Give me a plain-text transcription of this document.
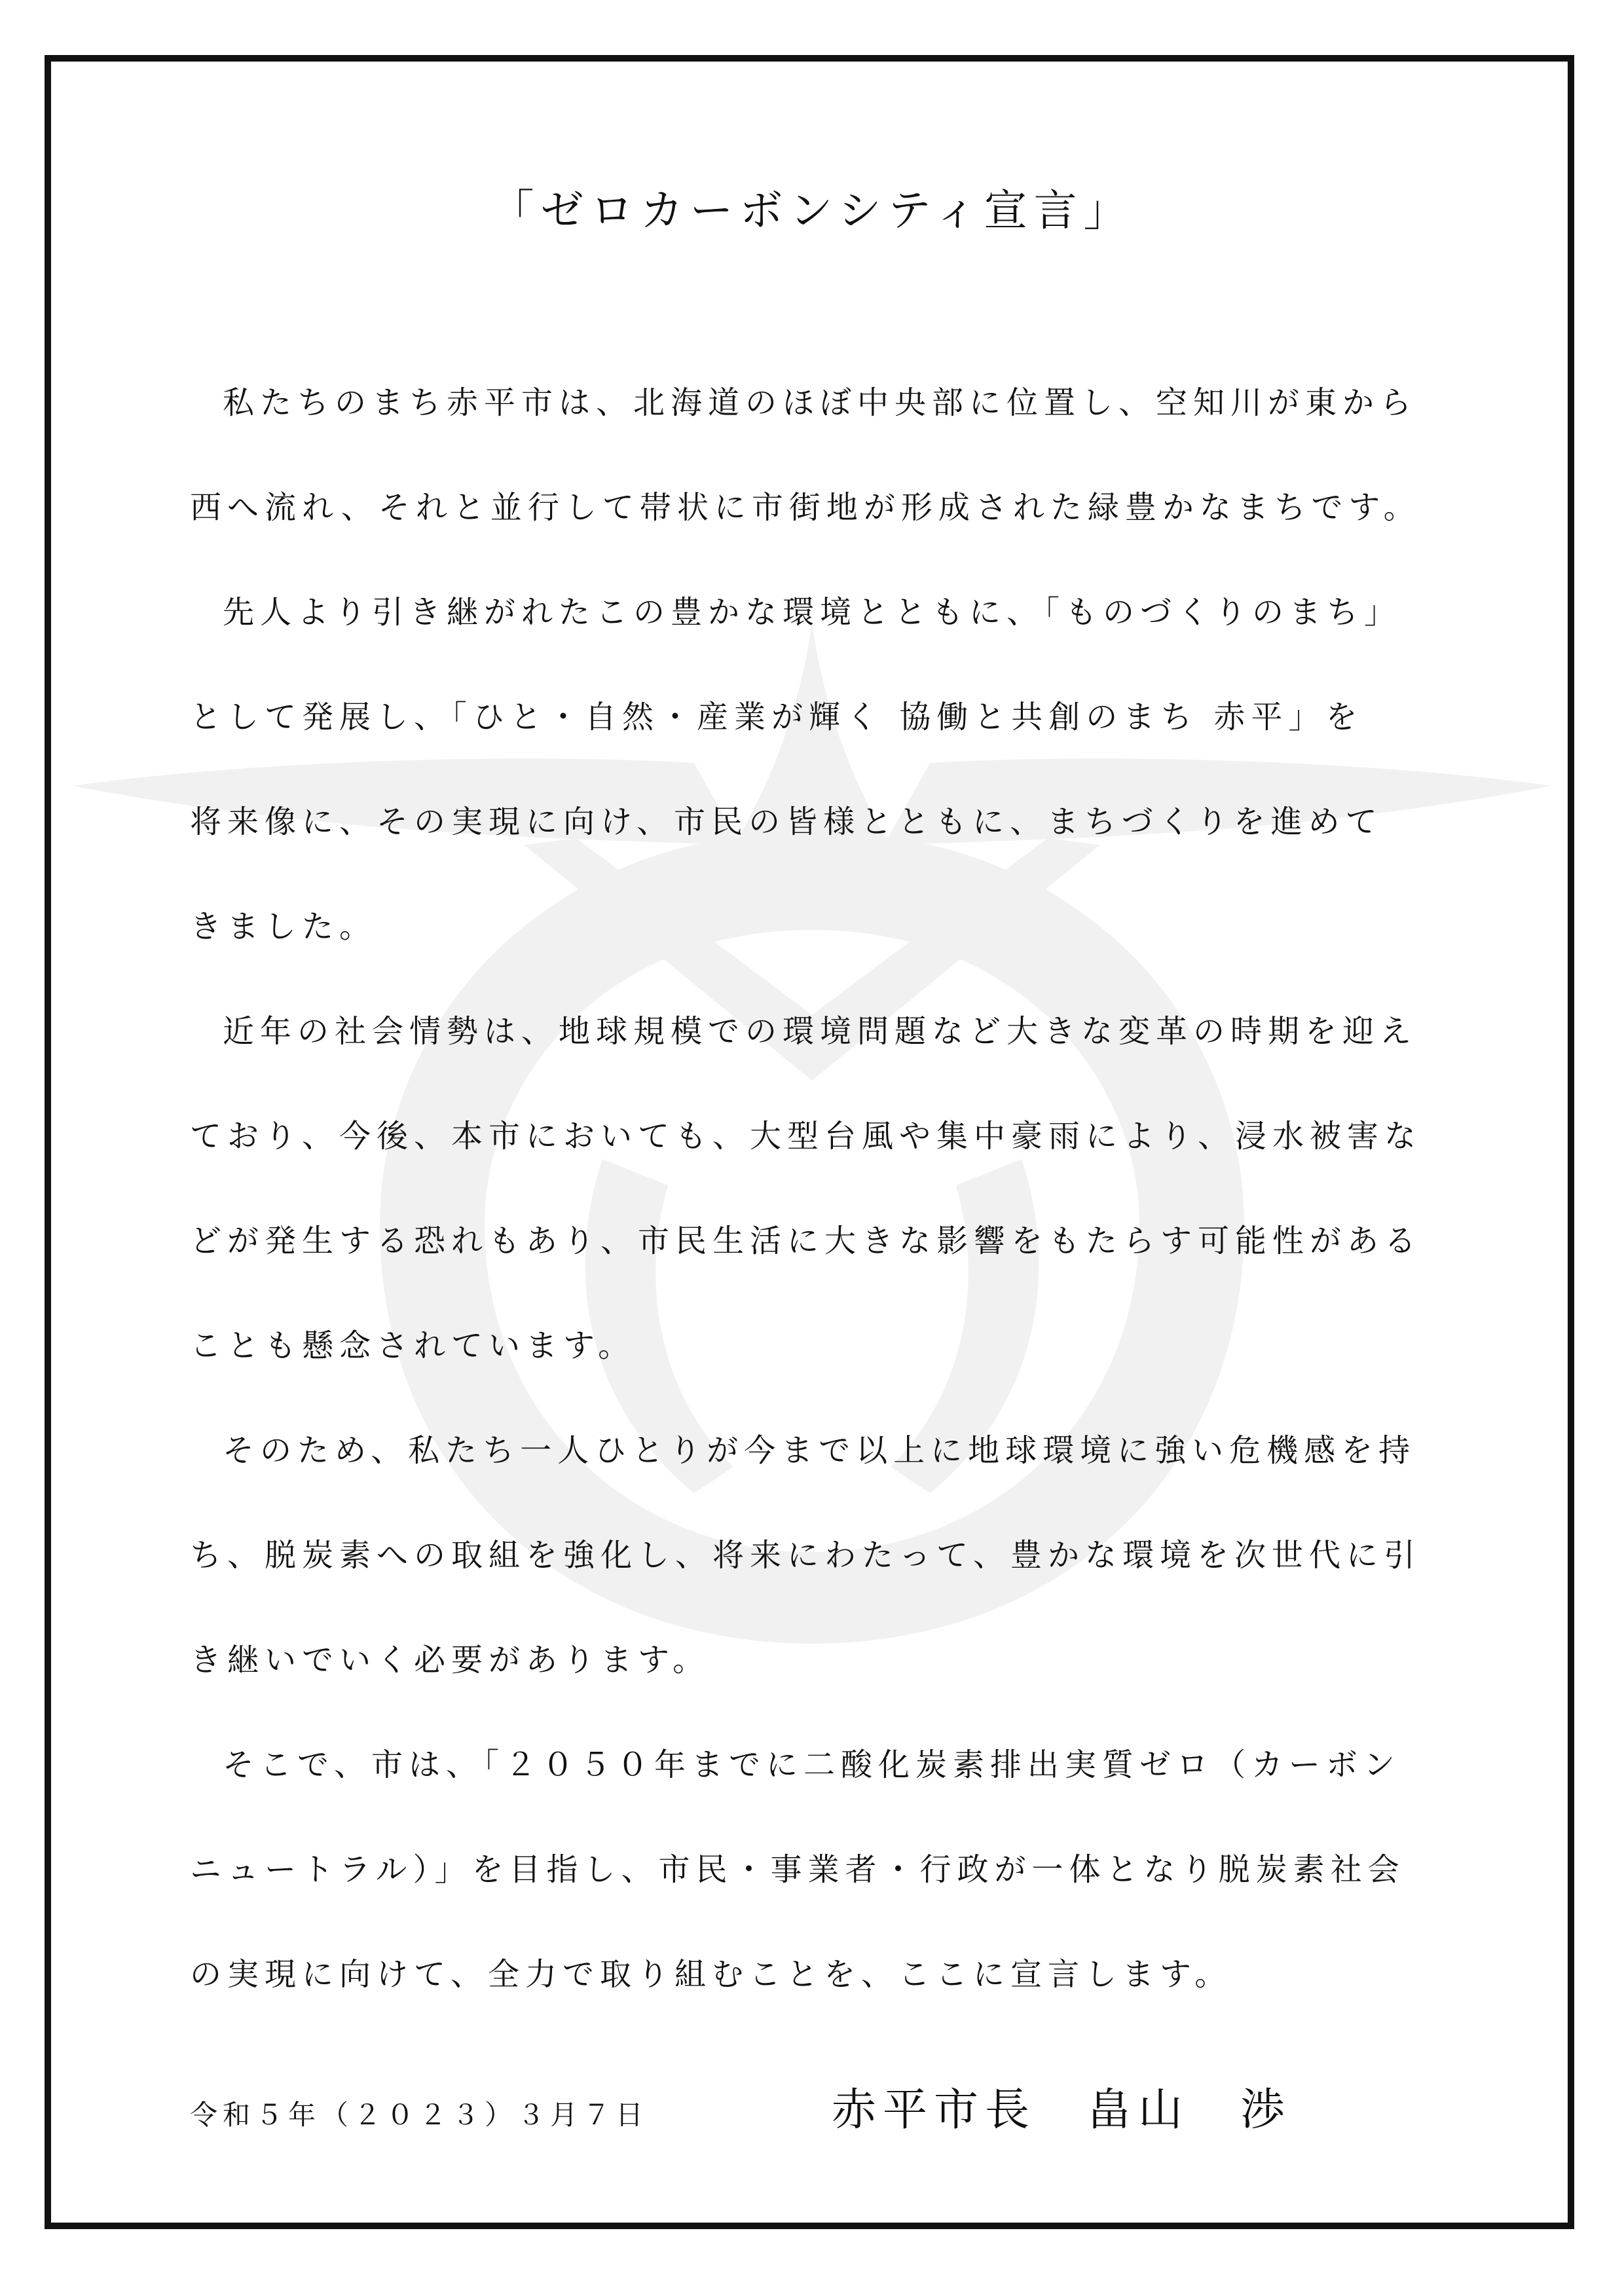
「ゼロカーボンシティ宣言」
私たちのまち赤平市は、北海道のほぼ中央部に位置し、空知川が東から
西へ流れ、それと並行して帯状に市街地が形成された緑豊かなまちです。
先人より引き継がれたこの豊かな環境とともに、「ものづくりのまち」
として発展し、「ひと・自然・産業が輝く 協働と共創のまち 赤平」を
将来像に、その実現に向け、市民の皆様とともに、まちづくりを進めて
きました。
近年の社会情勢は、地球規模での環境問題など大きな変革の時期を迎え
ており、今後、本市においても、大型台風や集中豪雨により、浸水被害な
どが発生する恐れもあり、市民生活に大きな影響をもたらす可能性がある
ことも懸念されています。
そのため、私たち一人ひとりが今まで以上に地球環境に強い危機感を持
ち、脱炭素への取組を強化し、将来にわたって、豊かな環境を次世代に引
き継いでいく必要があります。
そこで、市は、「２０５０年までに二酸化炭素排出実質ゼロ（カーボン
ニュートラル）」を目指し、市民・事業者・行政が一体となり脱炭素社会
の実現に向けて、全力で取り組むことを、ここに宣言します。
令和５年（２０２３）３月７日	赤平市長　畠山　渉
